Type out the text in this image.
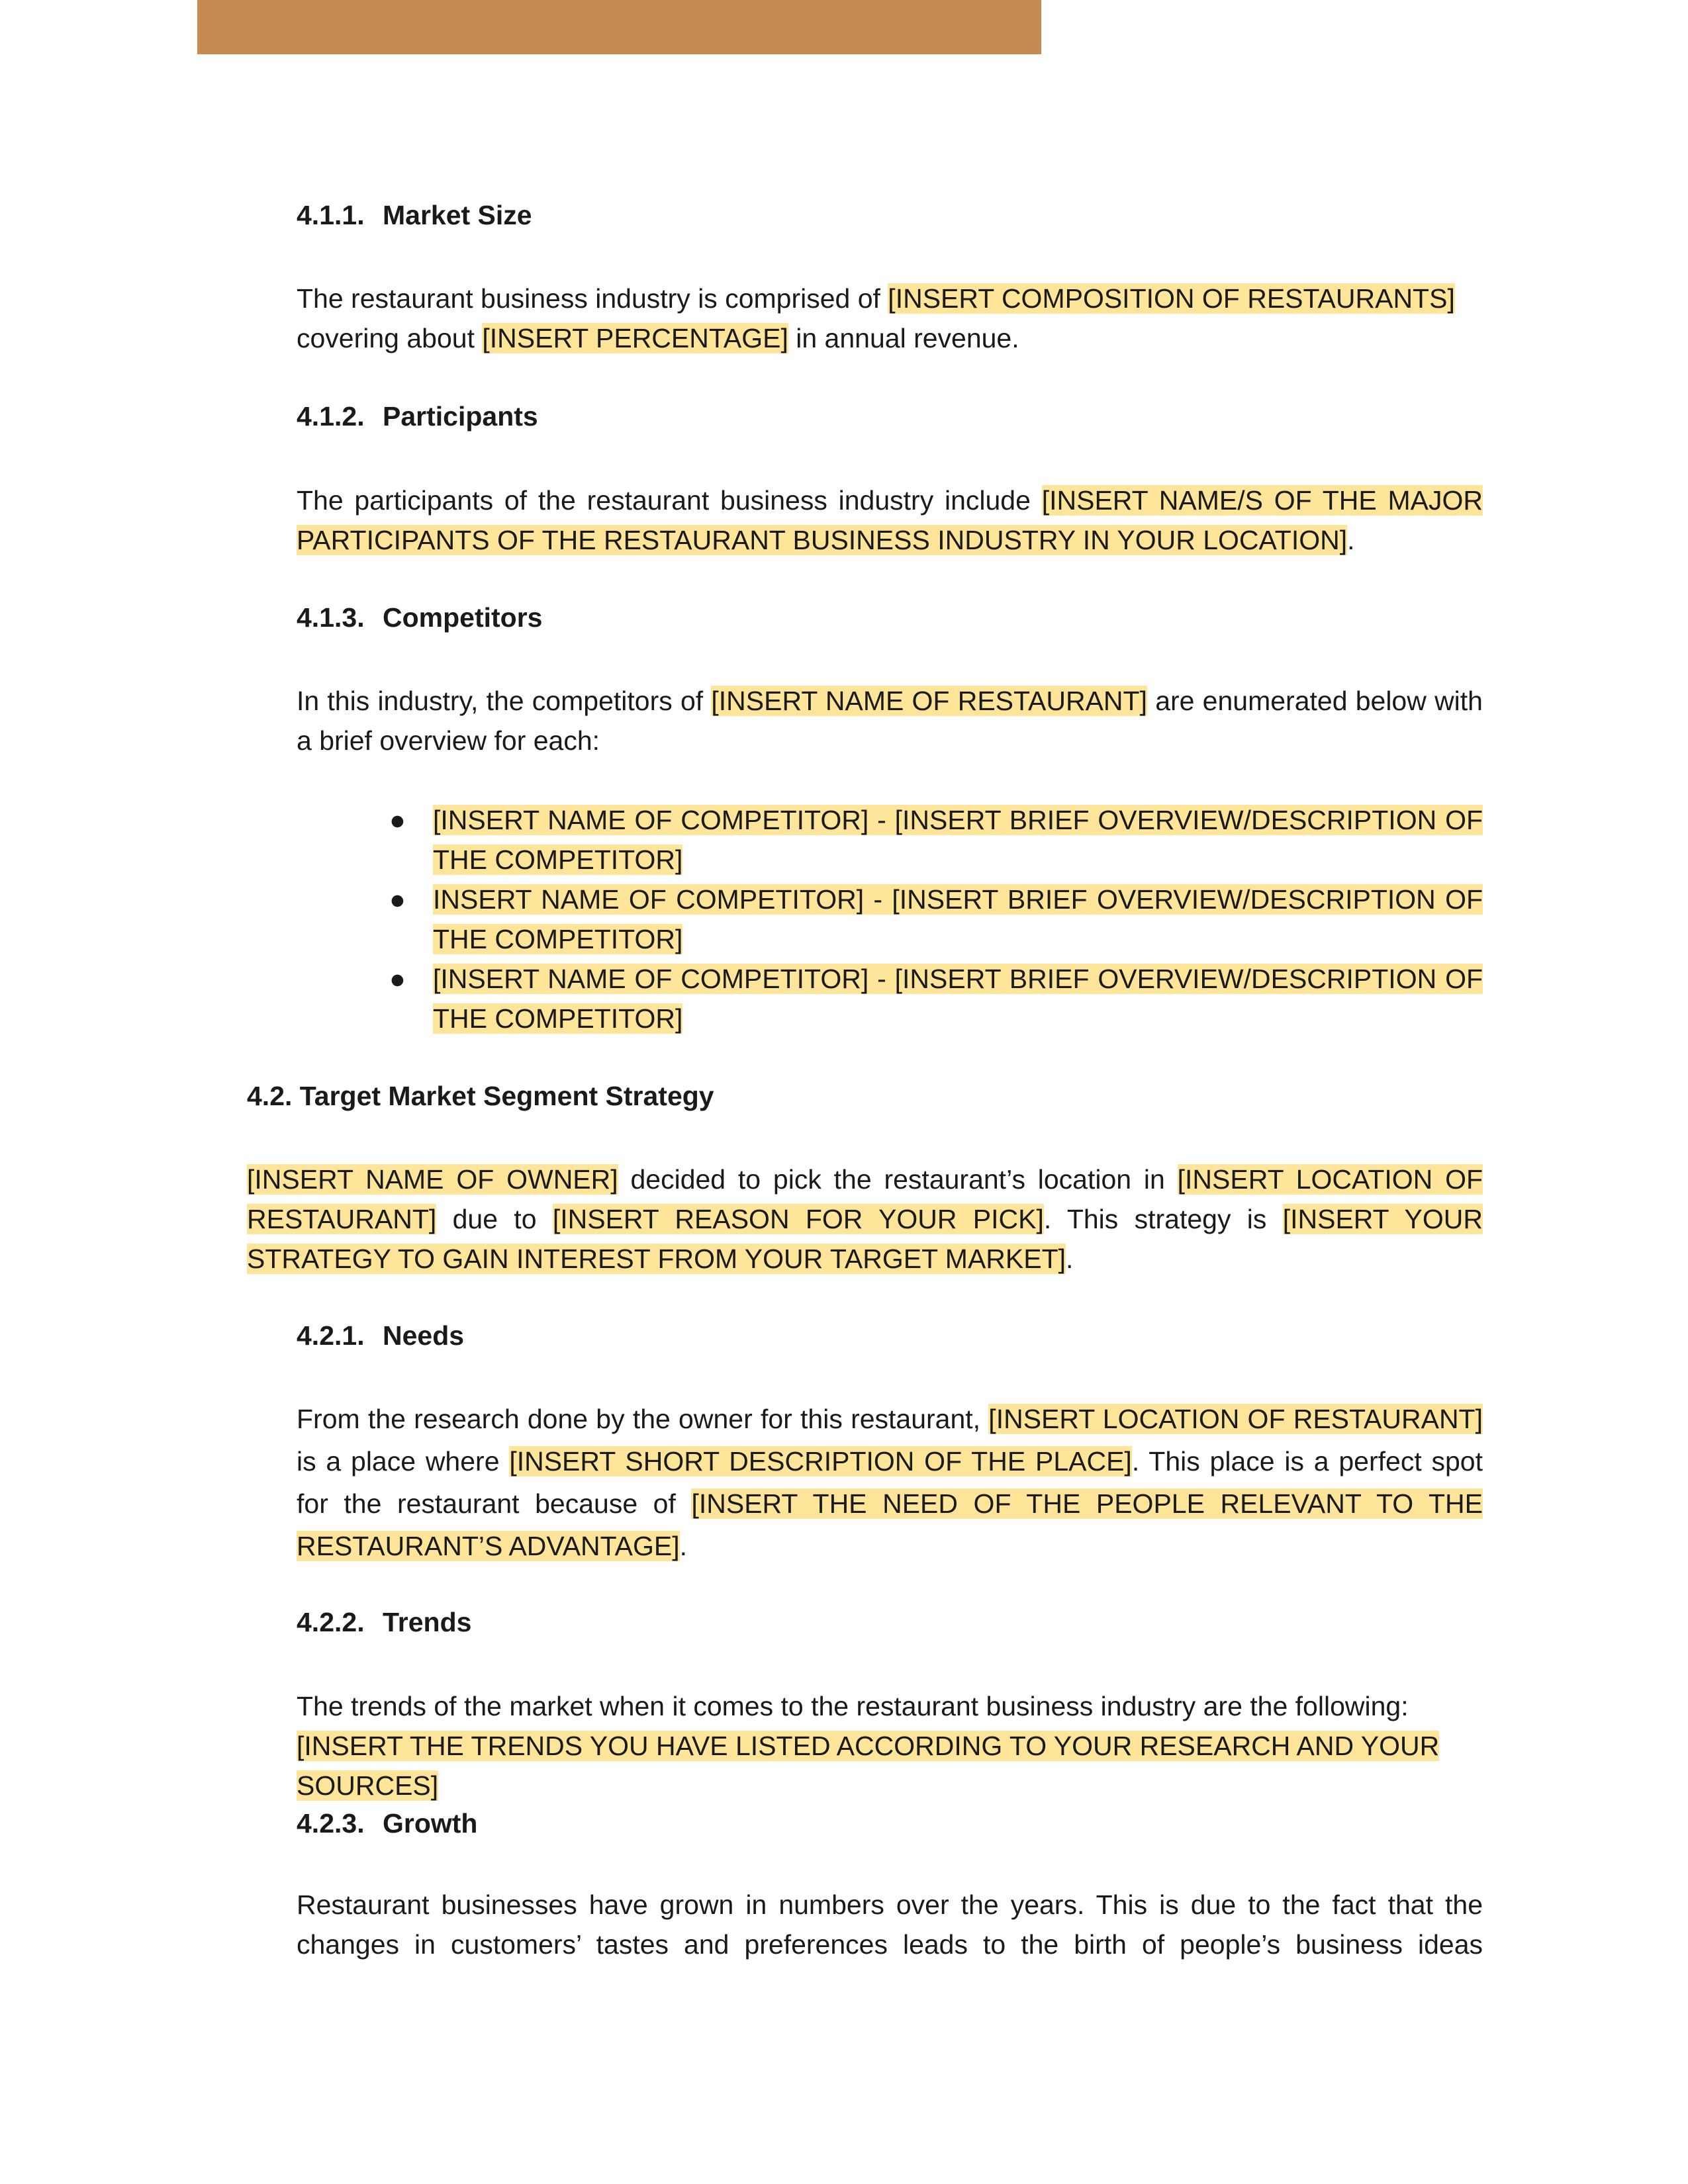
4.1.1. Market Size
The restaurant business industry is comprised of [INSERT COMPOSITION OF RESTAURANTS] covering about [INSERT PERCENTAGE] in annual revenue.
4.1.2. Participants
The participants of the restaurant business industry include [INSERT NAME/S OF THE MAJOR PARTICIPANTS OF THE RESTAURANT BUSINESS INDUSTRY IN YOUR LOCATION].
4.1.3. Competitors
In this industry, the competitors of [INSERT NAME OF RESTAURANT] are enumerated below with a brief overview for each:
● [INSERT NAME OF COMPETITOR] - [INSERT BRIEF OVERVIEW/DESCRIPTION OF THE COMPETITOR]
● INSERT NAME OF COMPETITOR] - [INSERT BRIEF OVERVIEW/DESCRIPTION OF THE COMPETITOR]
● [INSERT NAME OF COMPETITOR] - [INSERT BRIEF OVERVIEW/DESCRIPTION OF THE COMPETITOR]
4.2. Target Market Segment Strategy
[INSERT NAME OF OWNER] decided to pick the restaurant’s location in [INSERT LOCATION OF RESTAURANT] due to [INSERT REASON FOR YOUR PICK]. This strategy is [INSERT YOUR STRATEGY TO GAIN INTEREST FROM YOUR TARGET MARKET].
4.2.1. Needs
From the research done by the owner for this restaurant, [INSERT LOCATION OF RESTAURANT] is a place where [INSERT SHORT DESCRIPTION OF THE PLACE]. This place is a perfect spot for the restaurant because of [INSERT THE NEED OF THE PEOPLE RELEVANT TO THE RESTAURANT’S ADVANTAGE].
4.2.2. Trends
The trends of the market when it comes to the restaurant business industry are the following: [INSERT THE TRENDS YOU HAVE LISTED ACCORDING TO YOUR RESEARCH AND YOUR SOURCES]
4.2.3. Growth
Restaurant businesses have grown in numbers over the years. This is due to the fact that the changes in customers’ tastes and preferences leads to the birth of people’s business ideas
